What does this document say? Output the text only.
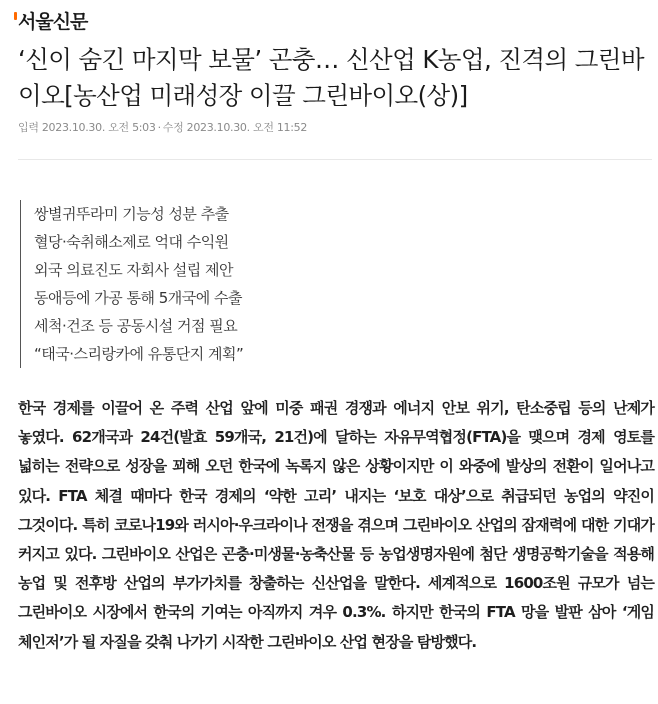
서울신문
‘신이 숨긴 마지막 보물’ 곤충… 신산업 K농업, 진격의 그린바이오[농산업 미래성장 이끌 그린바이오(상)]
입력 2023.10.30. 오전 5:03 · 수정 2023.10.30. 오전 11:52
쌍별귀뚜라미 기능성 성분 추출
혈당·숙취해소제로 억대 수익원
외국 의료진도 자회사 설립 제안
동애등에 가공 통해 5개국에 수출
세척·건조 등 공동시설 거점 필요
“태국·스리랑카에 유통단지 계획”

한국 경제를 이끌어 온 주력 산업 앞에 미중 패권 경쟁과 에너지 안보 위기, 탄소중립 등의 난제가 놓였다. 62개국과 24건(발효 59개국, 21건)에 달하는 자유무역협정(FTA)을 맺으며 경제 영토를 넓히는 전략으로 성장을 꾀해 오던 한국에 녹록지 않은 상황이지만 이 와중에 발상의 전환이 일어나고 있다. FTA 체결 때마다 한국 경제의 ‘약한 고리’ 내지는 ‘보호 대상’으로 취급되던 농업의 약진이 그것이다. 특히 코로나19와 러시아·우크라이나 전쟁을 겪으며 그린바이오 산업의 잠재력에 대한 기대가 커지고 있다. 그린바이오 산업은 곤충·미생물·농축산물 등 농업생명자원에 첨단 생명공학기술을 적용해 농업 및 전후방 산업의 부가가치를 창출하는 신산업을 말한다. 세계적으로 1600조원 규모가 넘는 그린바이오 시장에서 한국의 기여는 아직까지 겨우 0.3%. 하지만 한국의 FTA 망을 발판 삼아 ‘게임 체인저’가 될 자질을 갖춰 나가기 시작한 그린바이오 산업 현장을 탐방했다.
